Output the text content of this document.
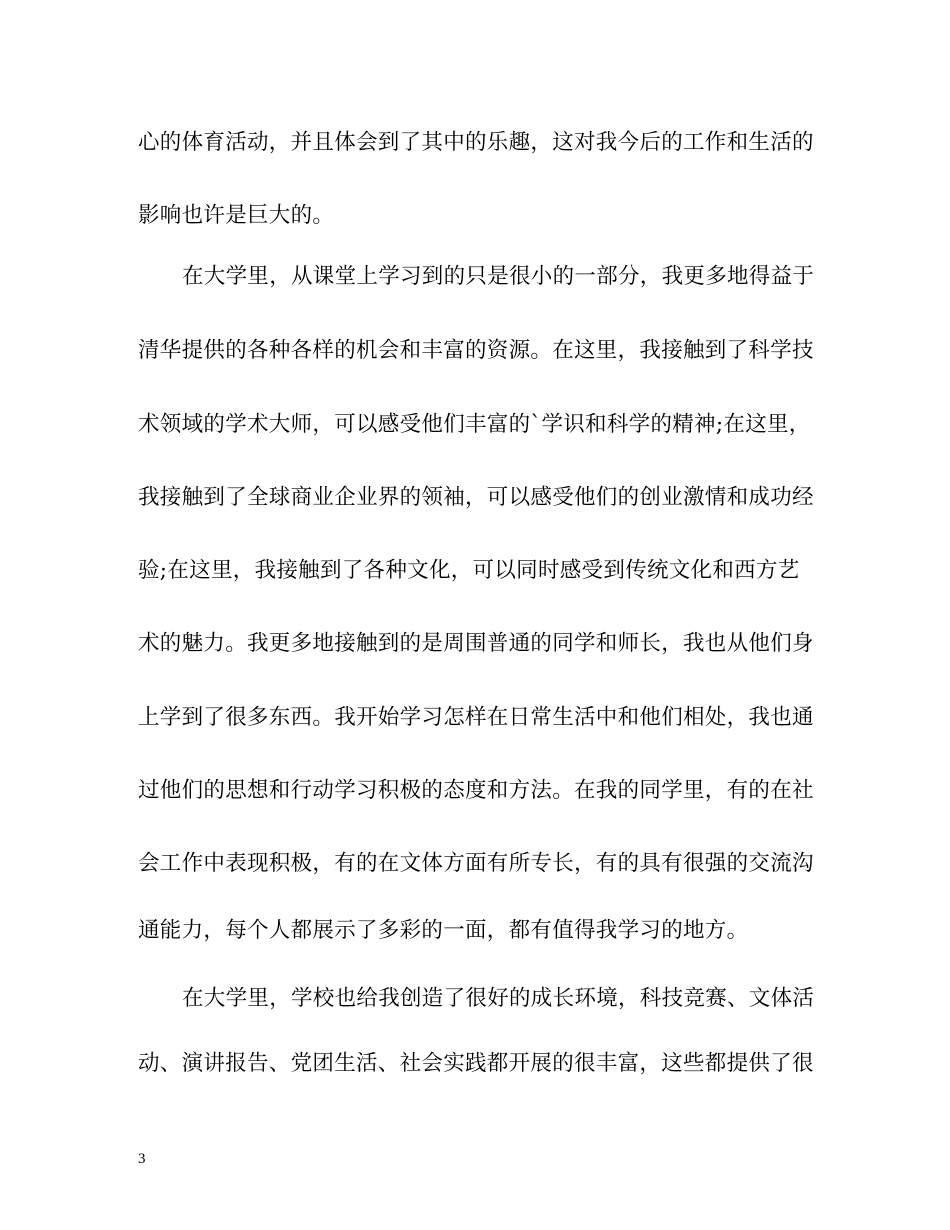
心的体育活动，并且体会到了其中的乐趣，这对我今后的工作和生活的
影响也许是巨大的。
在大学里，从课堂上学习到的只是很小的一部分，我更多地得益于
清华提供的各种各样的机会和丰富的资源。在这里，我接触到了科学技
术领域的学术大师，可以感受他们丰富的`学识和科学的精神;在这里，
我接触到了全球商业企业界的领袖，可以感受他们的创业激情和成功经
验;在这里，我接触到了各种文化，可以同时感受到传统文化和西方艺
术的魅力。我更多地接触到的是周围普通的同学和师长，我也从他们身
上学到了很多东西。我开始学习怎样在日常生活中和他们相处，我也通
过他们的思想和行动学习积极的态度和方法。在我的同学里，有的在社
会工作中表现积极，有的在文体方面有所专长，有的具有很强的交流沟
通能力，每个人都展示了多彩的一面，都有值得我学习的地方。
在大学里，学校也给我创造了很好的成长环境，科技竞赛、文体活
动、演讲报告、党团生活、社会实践都开展的很丰富，这些都提供了很
3
